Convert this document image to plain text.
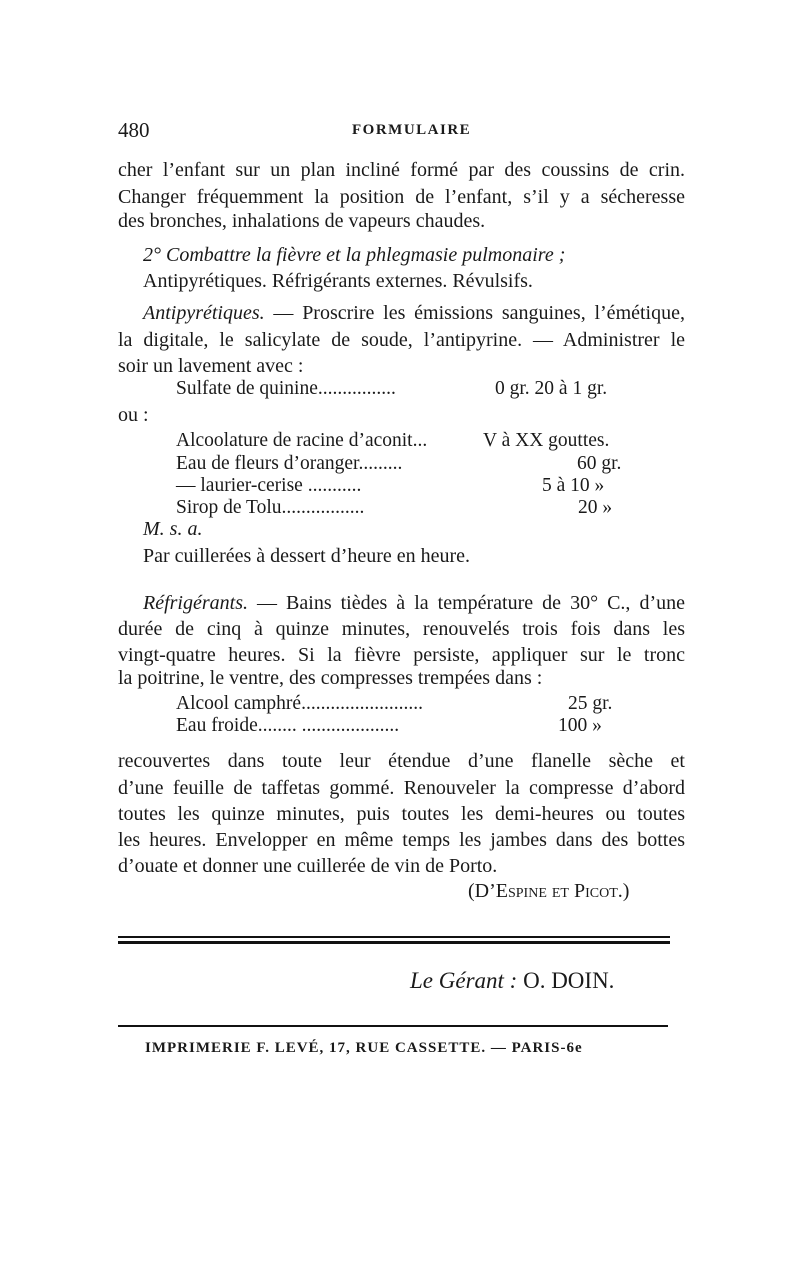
480	FORMULAIRE
cher l’enfant sur un plan incliné formé par des coussins de crin.
Changer fréquemment la position de l’enfant, s’il y a sécheresse
des bronches, inhalations de vapeurs chaudes.
2° Combattre la fièvre et la phlegmasie pulmonaire ;
Antipyrétiques. Réfrigérants externes. Révulsifs.
Antipyrétiques. — Proscrire les émissions sanguines, l’émétique,
la digitale, le salicylate de soude, l’antipyrine. — Administrer le
soir un lavement avec :
Sulfate de quinine................	0 gr. 20 à 1 gr.
ou :
Alcoolature de racine d’aconit...	V à XX gouttes.
Eau de fleurs d’oranger.........	60 gr.
— laurier-cerise ...........	5 à 10 »
Sirop de Tolu.................	20 »
M. s. a.
Par cuillerées à dessert d’heure en heure.
Réfrigérants. — Bains tièdes à la température de 30° C., d’une
durée de cinq à quinze minutes, renouvelés trois fois dans les
vingt-quatre heures. Si la fièvre persiste, appliquer sur le tronc
la poitrine, le ventre, des compresses trempées dans :
Alcool camphré.........................	25 gr.
Eau froide........ ....................	100 »
recouvertes dans toute leur étendue d’une flanelle sèche et
d’une feuille de taffetas gommé. Renouveler la compresse d’abord
toutes les quinze minutes, puis toutes les demi-heures ou toutes
les heures. Envelopper en même temps les jambes dans des bottes
d’ouate et donner une cuillerée de vin de Porto.
(D’Espine et Picot.)
Le Gérant : O. DOIN.
IMPRIMERIE F. LEVÉ, 17, RUE CASSETTE. — PARIS-6e
